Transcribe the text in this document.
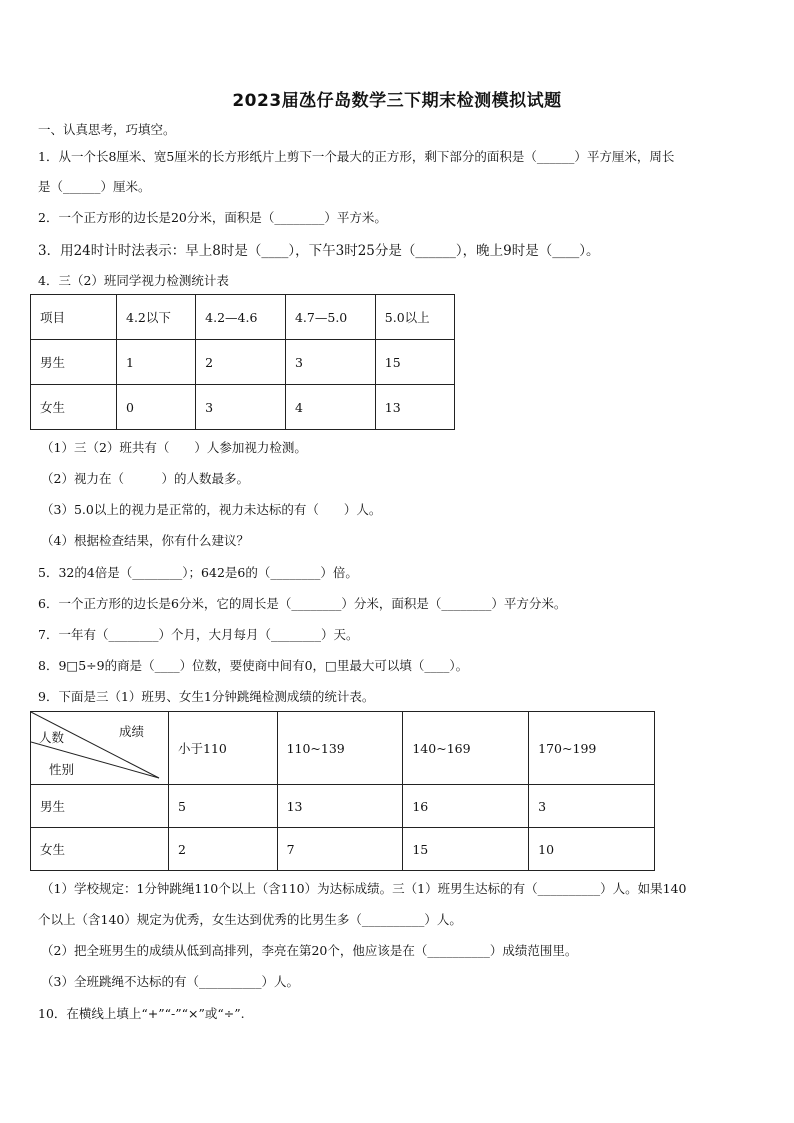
2023届氹仔岛数学三下期末检测模拟试题
一、认真思考，巧填空。
1．从一个长8厘米、宽5厘米的长方形纸片上剪下一个最大的正方形，剩下部分的面积是（______）平方厘米，周长
是（______）厘米。
2．一个正方形的边长是20分米，面积是（________）平方米。
3．用24时计时法表示：早上8时是（____），下午3时25分是（______），晚上9时是（____）。
4．三（2）班同学视力检测统计表
项目	4.2以下	4.2—4.6	4.7—5.0	5.0以上
男生	1	2	3	15
女生	0	3	4	13
（1）三（2）班共有（　　）人参加视力检测。
（2）视力在（　　　）的人数最多。
（3）5.0以上的视力是正常的，视力未达标的有（　　）人。
（4）根据检查结果，你有什么建议？
5．32的4倍是（________）；642是6的（________）倍。
6．一个正方形的边长是6分米，它的周长是（________）分米，面积是（________）平方分米。
7．一年有（________）个月，大月每月（________）天。
8．9□5÷9的商是（____）位数，要使商中间有0，□里最大可以填（____）。
9．下面是三（1）班男、女生1分钟跳绳检测成绩的统计表。
成绩
人数
性别	小于110	110~139	140~169	170~199
男生	5	13	16	3
女生	2	7	15	10
（1）学校规定：1分钟跳绳110个以上（含110）为达标成绩。三（1）班男生达标的有（__________）人。如果140
个以上（含140）规定为优秀，女生达到优秀的比男生多（__________）人。
（2）把全班男生的成绩从低到高排列，李亮在第20个，他应该是在（__________）成绩范围里。
（3）全班跳绳不达标的有（__________）人。
10．在横线上填上“+”“-”“×”或“÷”.
